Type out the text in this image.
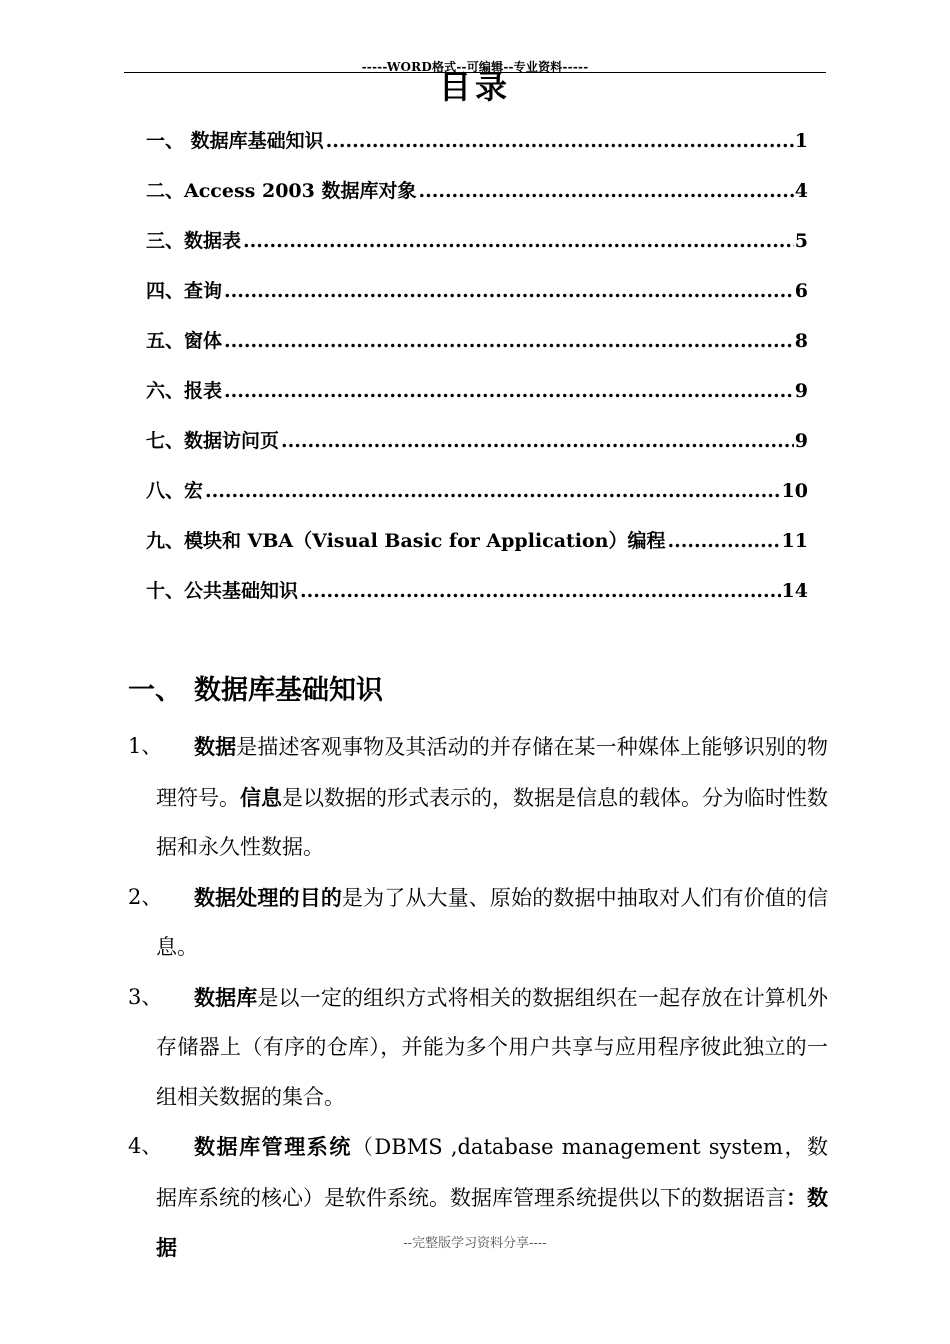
-----WORD格式--可编辑--专业资料-----
目录
一、 数据库基础知识 .....	1
二、Access 2003 数据库对象 .....	4
三、数据表 .....	5
四、查询 .....	6
五、窗体 .....	8
六、报表 .....	9
七、数据访问页 .....	9
八、宏 .....	10
九、模块和 VBA（Visual Basic for Application）编程 .....	11
十、公共基础知识 .....	14
一、 数据库基础知识
1、	数据是描述客观事物及其活动的并存储在某一种媒体上能够识别的物理符号。信息是以数据的形式表示的，数据是信息的载体。分为临时性数据和永久性数据。
2、	数据处理的目的是为了从大量、原始的数据中抽取对人们有价值的信息。
3、	数据库是以一定的组织方式将相关的数据组织在一起存放在计算机外存储器上（有序的仓库），并能为多个用户共享与应用程序彼此独立的一组相关数据的集合。
4、	数据库管理系统（DBMS ,database management system，数据库系统的核心）是软件系统。数据库管理系统提供以下的数据语言：数据	--完整版学习资料分享----
